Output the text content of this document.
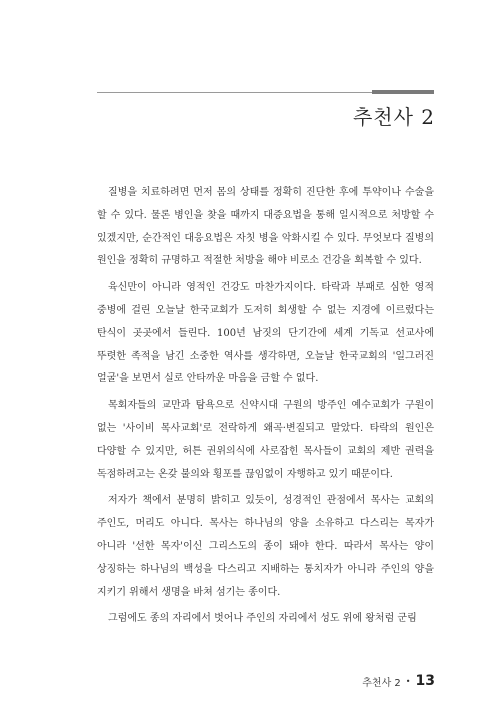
추천사 2

질병을 치료하려면 먼저 몸의 상태를 정확히 진단한 후에 투약이나 수술을 할 수 있다. 물론 병인을 찾을 때까지 대증요법을 통해 일시적으로 처방할 수 있겠지만, 순간적인 대응요법은 자칫 병을 악화시킬 수 있다. 무엇보다 질병의 원인을 정확히 규명하고 적절한 처방을 해야 비로소 건강을 회복할 수 있다.

육신만이 아니라 영적인 건강도 마찬가지이다. 타락과 부패로 심한 영적 중병에 걸린 오늘날 한국교회가 도저히 회생할 수 없는 지경에 이르렀다는 탄식이 곳곳에서 들린다. 100년 남짓의 단기간에 세계 기독교 선교사에 뚜렷한 족적을 남긴 소중한 역사를 생각하면, 오늘날 한국교회의 '일그러진 얼굴'을 보면서 실로 안타까운 마음을 금할 수 없다.

목회자들의 교만과 탐욕으로 신약시대 구원의 방주인 예수교회가 구원이 없는 '사이비 목사교회'로 전락하게 왜곡·변질되고 말았다. 타락의 원인은 다양할 수 있지만, 허튼 권위의식에 사로잡힌 목사들이 교회의 제반 권력을 독점하려고는 온갖 불의와 횡포를 끊임없이 자행하고 있기 때문이다.

저자가 책에서 분명히 밝히고 있듯이, 성경적인 관점에서 목사는 교회의 주인도, 머리도 아니다. 목사는 하나님의 양을 소유하고 다스리는 목자가 아니라 '선한 목자'이신 그리스도의 종이 돼야 한다. 따라서 목사는 양이 상징하는 하나님의 백성을 다스리고 지배하는 통치자가 아니라 주인의 양을 지키기 위해서 생명을 바쳐 섬기는 종이다.

그럼에도 종의 자리에서 벗어나 주인의 자리에서 성도 위에 왕처럼 군림

추천사 2 • 13
